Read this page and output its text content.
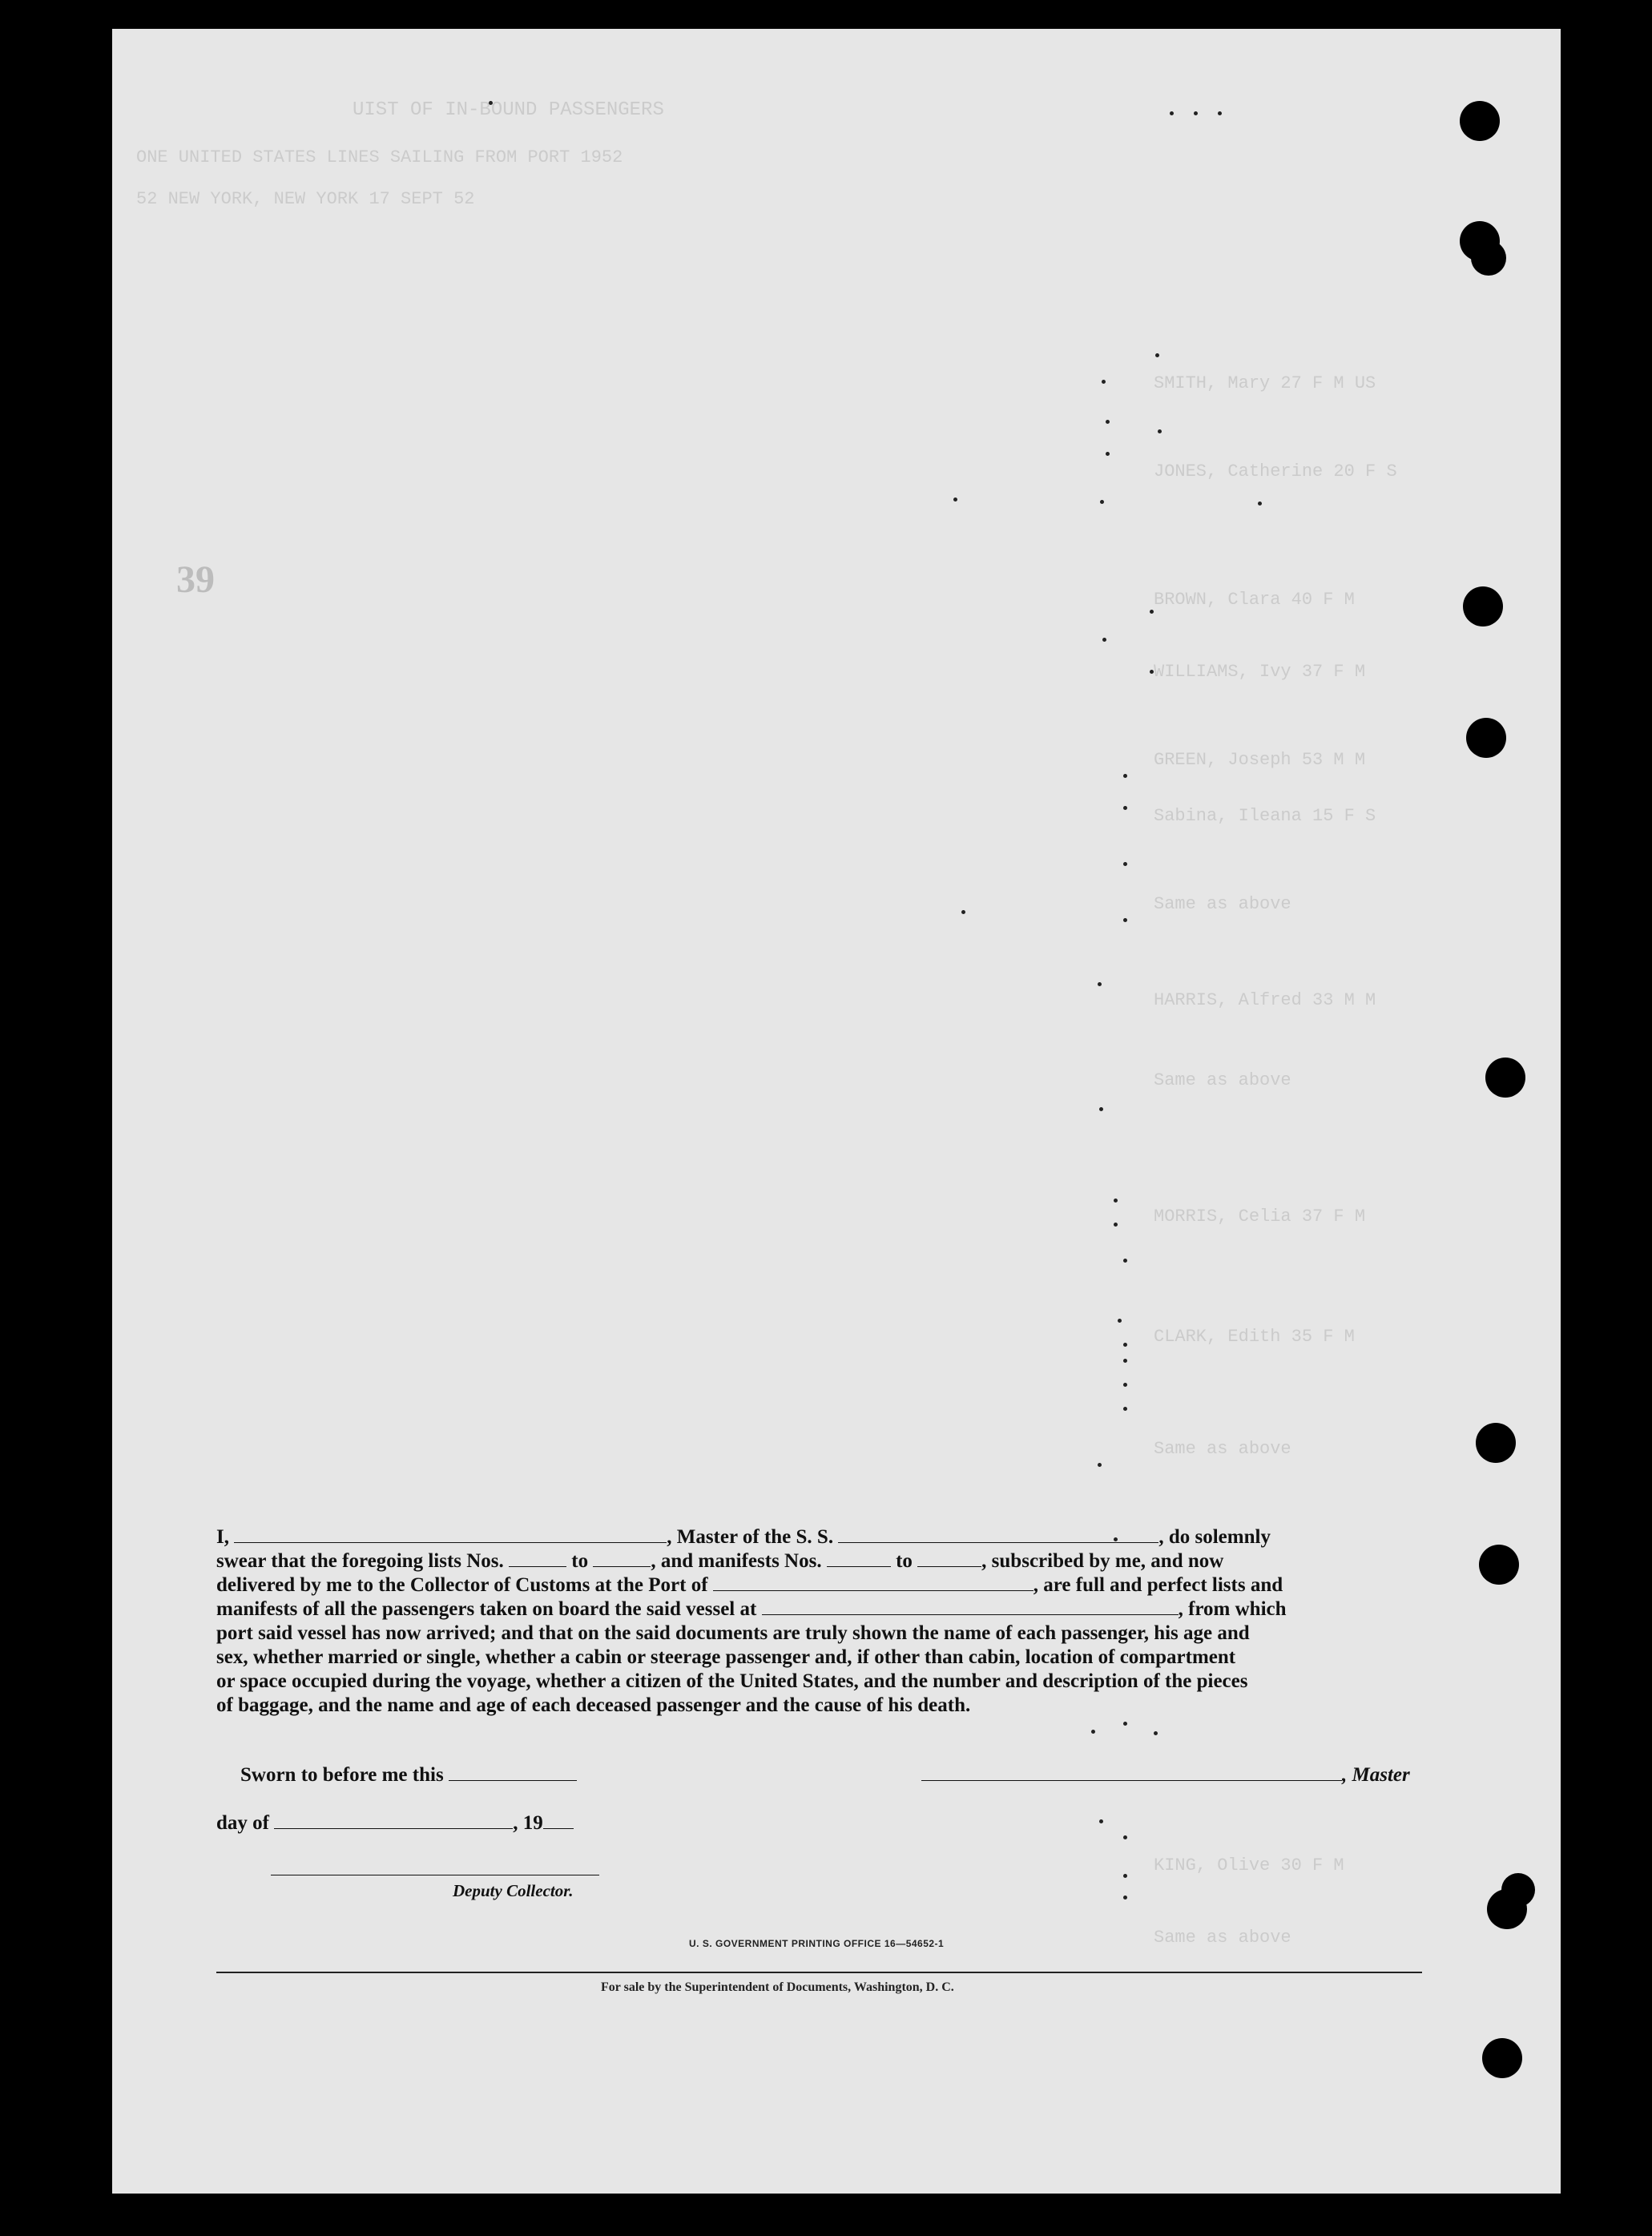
UIST OF IN-BOUND PASSENGERS
ONE UNITED STATES LINES SAILING FROM PORT 1952
52 NEW YORK, NEW YORK 17 SEPT 52
SMITH, Mary 27 F M US
JONES, Catherine 20 F S
BROWN, Clara 40 F M
WILLIAMS, Ivy 37 F M
GREEN, Joseph 53 M M
Sabina, Ileana 15 F S
Same as above
HARRIS, Alfred 33 M M
Same as above
MORRIS, Celia 37 F M
CLARK, Edith 35 F M
Same as above
KING, Olive 30 F M
Same as above
39
I,	, Master of the S. S.	, do solemnly
swear that the foregoing lists Nos.	to	, and manifests Nos.	to	, subscribed by me, and now
delivered by me to the Collector of Customs at the Port of	, are full and perfect lists and
manifests of all the passengers taken on board the said vessel at	, from which
port said vessel has now arrived; and that on the said documents are truly shown the name of each passenger, his age and
sex, whether married or single, whether a cabin or steerage passenger and, if other than cabin, location of compartment
or space occupied during the voyage, whether a citizen of the United States, and the number and description of the pieces
of baggage, and the name and age of each deceased passenger and the cause of his death.
Sworn to before me this	, Master
day of	, 19
Deputy Collector.
U. S. GOVERNMENT PRINTING OFFICE 16—54652-1
For sale by the Superintendent of Documents, Washington, D. C.
